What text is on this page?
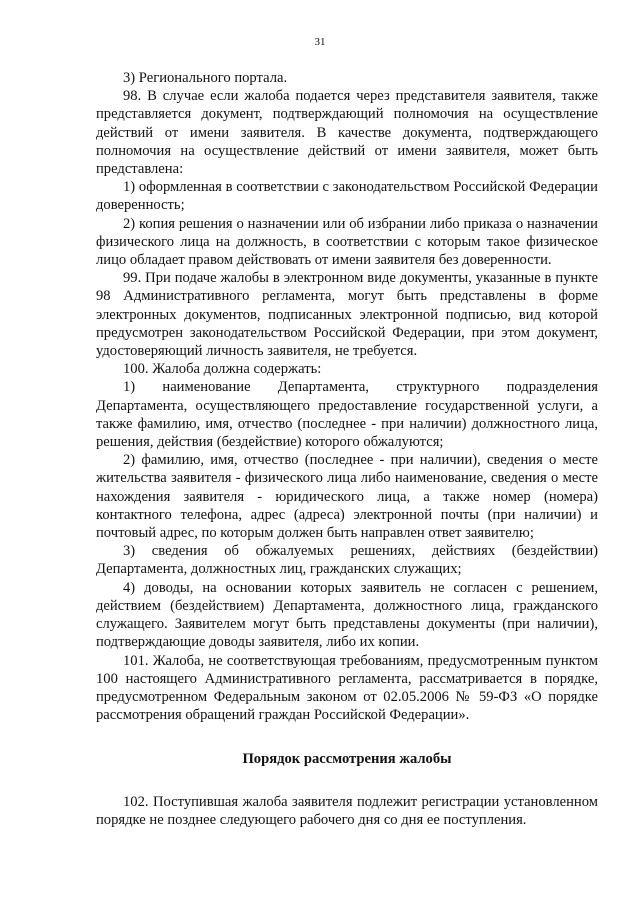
31

3) Регионального портала.

98. В случае если жалоба подается через представителя заявителя, также представляется документ, подтверждающий полномочия на осуществление действий от имени заявителя. В качестве документа, подтверждающего полномочия на осуществление действий от имени заявителя, может быть представлена:

1) оформленная в соответствии с законодательством Российской Федерации доверенность;

2) копия решения о назначении или об избрании либо приказа о назначении физического лица на должность, в соответствии с которым такое физическое лицо обладает правом действовать от имени заявителя без доверенности.

99. При подаче жалобы в электронном виде документы, указанные в пункте 98 Административного регламента, могут быть представлены в форме электронных документов, подписанных электронной подписью, вид которой предусмотрен законодательством Российской Федерации, при этом документ, удостоверяющий личность заявителя, не требуется.

100. Жалоба должна содержать:

1) наименование Департамента, структурного подразделения Департамента, осуществляющего предоставление государственной услуги, а также фамилию, имя, отчество (последнее - при наличии) должностного лица, решения, действия (бездействие) которого обжалуются;

2) фамилию, имя, отчество (последнее - при наличии), сведения о месте жительства заявителя - физического лица либо наименование, сведения о месте нахождения заявителя - юридического лица, а также номер (номера) контактного телефона, адрес (адреса) электронной почты (при наличии) и почтовый адрес, по которым должен быть направлен ответ заявителю;

3) сведения об обжалуемых решениях, действиях (бездействии) Департамента, должностных лиц, гражданских служащих;

4) доводы, на основании которых заявитель не согласен с решением, действием (бездействием) Департамента, должностного лица, гражданского служащего. Заявителем могут быть представлены документы (при наличии), подтверждающие доводы заявителя, либо их копии.

101. Жалоба, не соответствующая требованиям, предусмотренным пунктом 100 настоящего Административного регламента, рассматривается в порядке, предусмотренном Федеральным законом от 02.05.2006 № 59-ФЗ «О порядке рассмотрения обращений граждан Российской Федерации».

Порядок рассмотрения жалобы

102. Поступившая жалоба заявителя подлежит регистрации установленном порядке не позднее следующего рабочего дня со дня ее поступления.
